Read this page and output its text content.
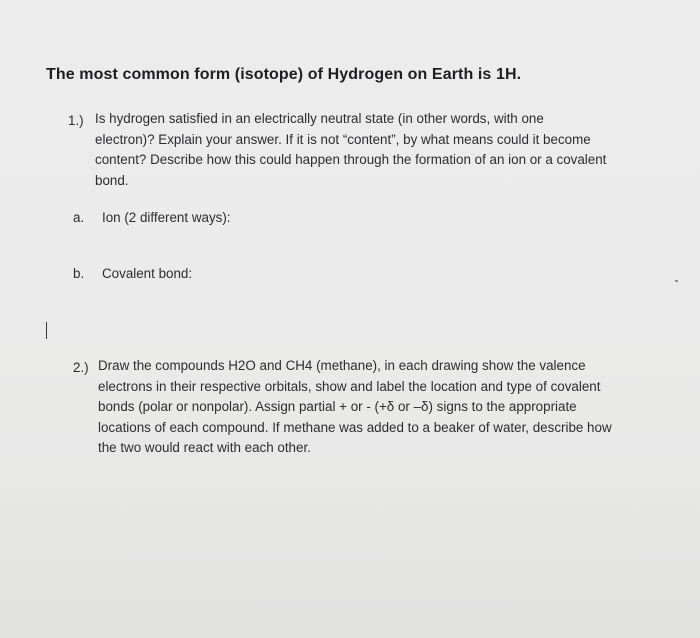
The most common form (isotope) of Hydrogen on Earth is 1H.
1.) Is hydrogen satisfied in an electrically neutral state (in other words, with one
electron)? Explain your answer. If it is not “content”, by what means could it become
content? Describe how this could happen through the formation of an ion or a covalent
bond.
a. Ion (2 different ways):
b. Covalent bond:
2.) Draw the compounds H2O and CH4 (methane), in each drawing show the valence
electrons in their respective orbitals, show and label the location and type of covalent
bonds (polar or nonpolar). Assign partial + or - (+δ or –δ) signs to the appropriate
locations of each compound. If methane was added to a beaker of water, describe how
the two would react with each other.
